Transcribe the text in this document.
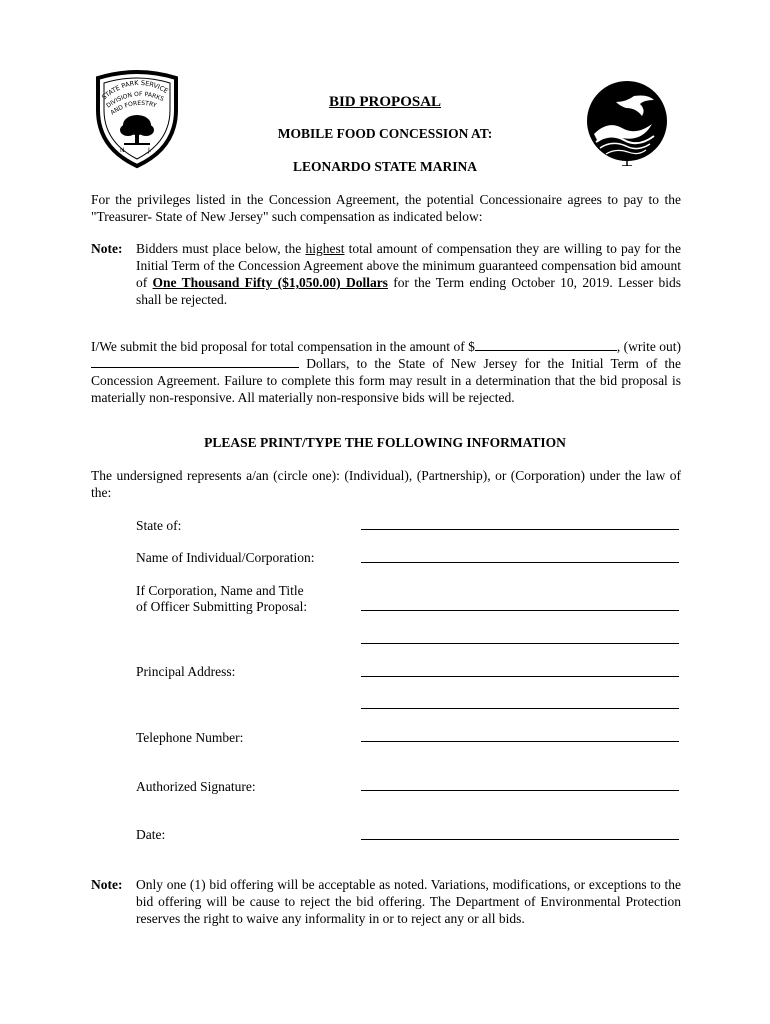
STATE PARK SERVICE
DIVISION OF PARKS
AND FORESTRY
N.	J.
BID PROPOSAL
MOBILE FOOD CONCESSION AT:
LEONARDO STATE MARINA
For the privileges listed in the Concession Agreement, the potential Concessionaire agrees to pay to the "Treasurer- State of New Jersey" such compensation as indicated below:
Note: Bidders must place below, the highest total amount of compensation they are willing to pay for the Initial Term of the Concession Agreement above the minimum guaranteed compensation bid amount of One Thousand Fifty ($1,050.00) Dollars for the Term ending October 10, 2019. Lesser bids shall be rejected.
I/We submit the bid proposal for total compensation in the amount of $	, (write out)  Dollars, to the State of New Jersey for the Initial Term of the Concession Agreement. Failure to complete this form may result in a determination that the bid proposal is materially non-responsive. All materially non-responsive bids will be rejected.
PLEASE PRINT/TYPE THE FOLLOWING INFORMATION
The undersigned represents a/an (circle one): (Individual), (Partnership), or (Corporation) under the law of the:
State of:
Name of Individual/Corporation:
If Corporation, Name and Title
of Officer Submitting Proposal:
Principal Address:
Telephone Number:
Authorized Signature:
Date:
Note: Only one (1) bid offering will be acceptable as noted. Variations, modifications, or exceptions to the bid offering will be cause to reject the bid offering. The Department of Environmental Protection reserves the right to waive any informality in or to reject any or all bids.
